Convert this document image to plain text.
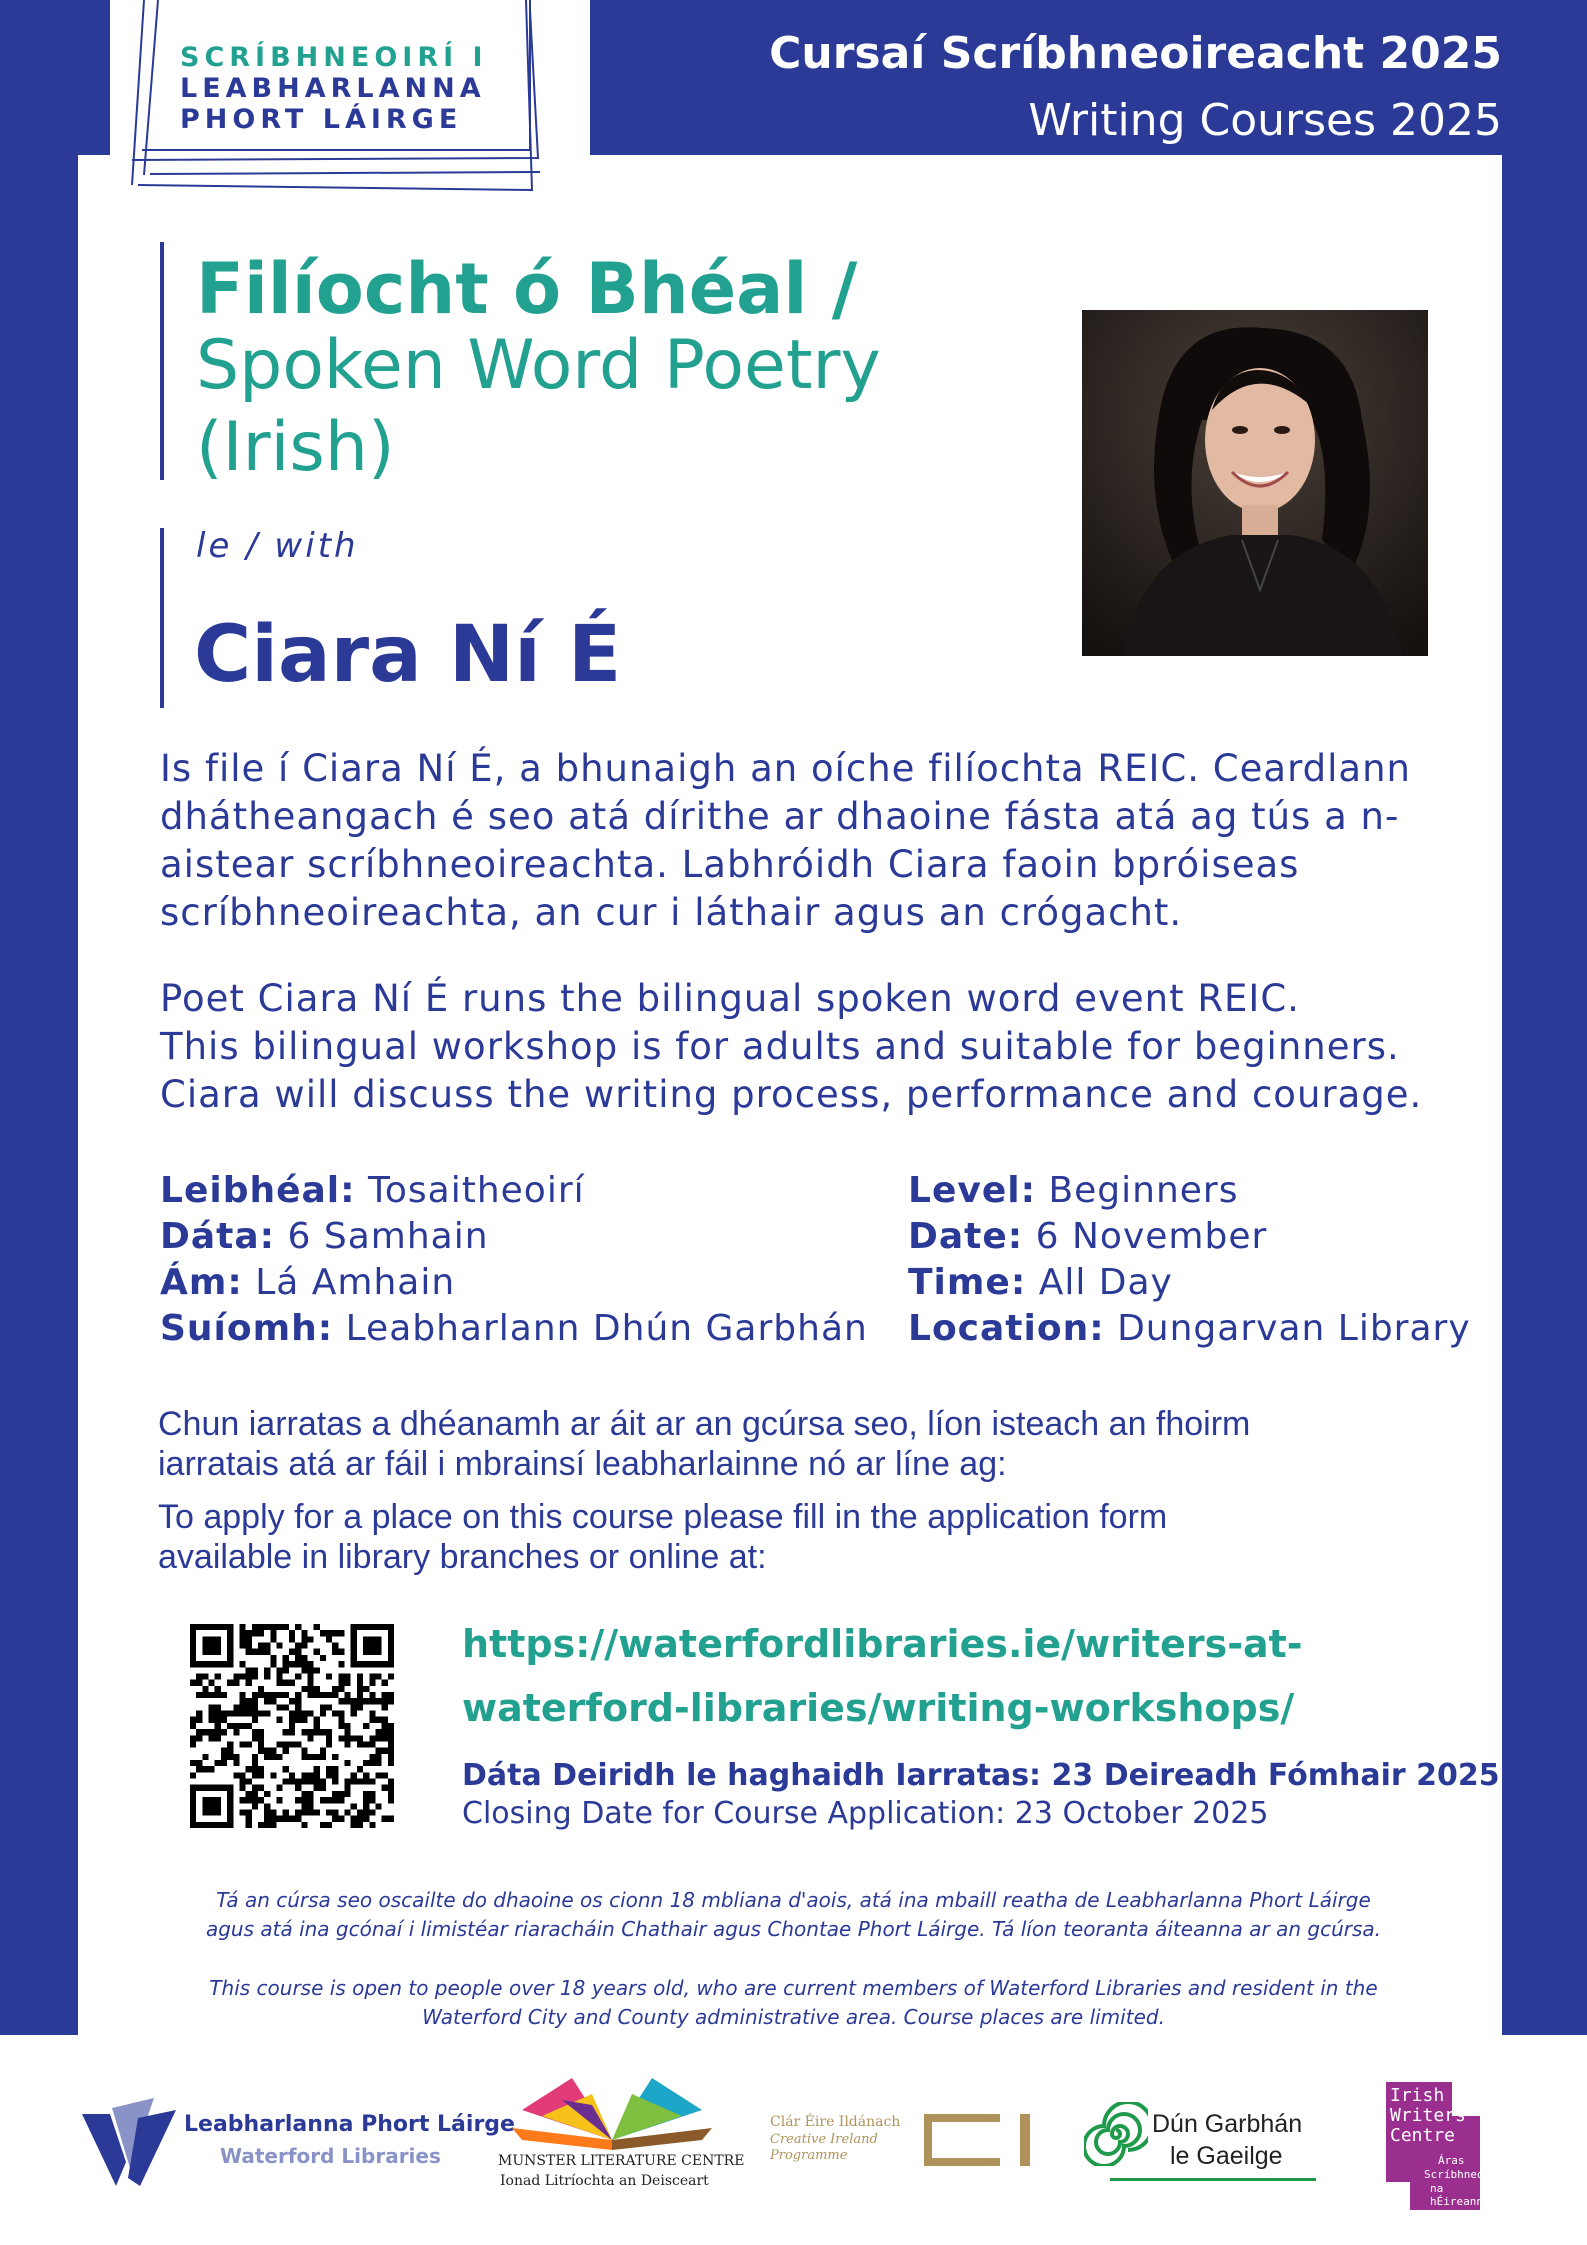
SCRÍBHNEOIRÍ I
LEABHARLANNA
PHORT LÁIRGE
Cursaí Scríbhneoireacht 2025
Writing Courses 2025
Filíocht ó Bhéal /
Spoken Word Poetry
(Irish)
le / with
Ciara Ní É
Is file í Ciara Ní É, a bhunaigh an oíche filíochta REIC. Ceardlann dhátheangach é seo atá dírithe ar dhaoine fásta atá ag tús a n-aistear scríbhneoireachta. Labhróidh Ciara faoin bpróiseas scríbhneoireachta, an cur i láthair agus an crógacht.
Poet Ciara Ní É runs the bilingual spoken word event REIC.
This bilingual workshop is for adults and suitable for beginners.
Ciara will discuss the writing process, performance and courage.
Leibhéal: Tosaitheoirí
Dáta: 6 Samhain
Ám: Lá Amhain
Suíomh: Leabharlann Dhún Garbhán
Level: Beginners
Date: 6 November
Time: All Day
Location: Dungarvan Library
Chun iarratas a dhéanamh ar áit ar an gcúrsa seo, líon isteach an fhoirm
iarratais atá ar fáil i mbrainsí leabharlainne nó ar líne ag:
To apply for a place on this course please fill in the application form
available in library branches or online at:
https://waterfordlibraries.ie/writers-at-
waterford-libraries/writing-workshops/
Dáta Deiridh le haghaidh Iarratas: 23 Deireadh Fómhair 2025
Closing Date for Course Application: 23 October 2025
Tá an cúrsa seo oscailte do dhaoine os cionn 18 mbliana d'aois, atá ina mbaill reatha de Leabharlanna Phort Láirge
agus atá ina gcónaí i limistéar riaracháin Chathair agus Chontae Phort Láirge. Tá líon teoranta áiteanna ar an gcúrsa.
This course is open to people over 18 years old, who are current members of Waterford Libraries and resident in the
Waterford City and County administrative area. Course places are limited.
Leabharlanna Phort Láirge
Waterford Libraries	MUNSTER LITERATURE CENTRE
Ionad Litríochta an Deisceart
Clár Éire Ildánach
Creative Ireland
Programme
Dún Garbhán
le Gaeilge
Irish
Writers
Centre
Áras
Scríbhneoirí
na hÉireann
